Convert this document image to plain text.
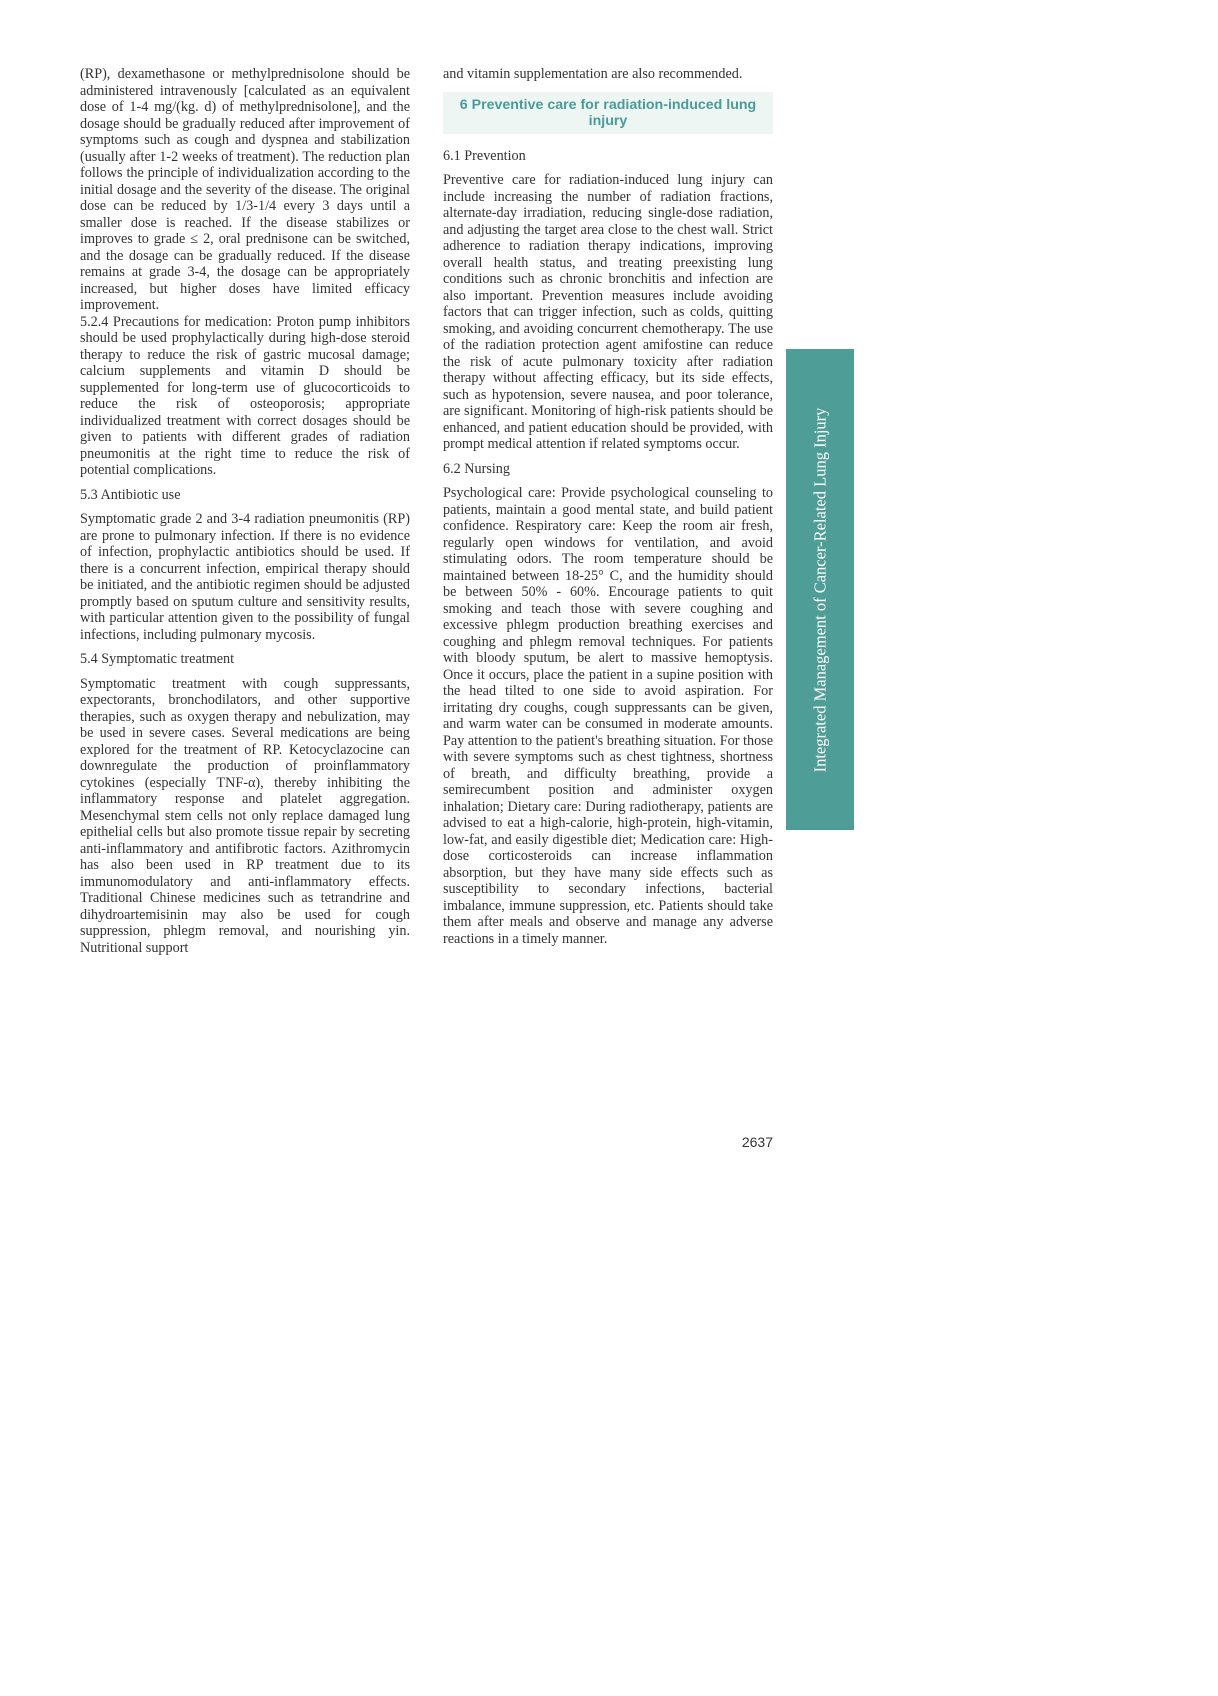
(RP), dexamethasone or methylprednisolone should be administered intravenously [calculated as an equivalent dose of 1-4 mg/(kg. d) of methylprednisolone], and the dosage should be gradually reduced after improvement of symptoms such as cough and dyspnea and stabilization (usually after 1-2 weeks of treatment). The reduction plan follows the principle of individualization according to the initial dosage and the severity of the disease. The original dose can be reduced by 1/3-1/4 every 3 days until a smaller dose is reached. If the disease stabilizes or improves to grade ≤ 2, oral prednisone can be switched, and the dosage can be gradually reduced. If the disease remains at grade 3-4, the dosage can be appropriately increased, but higher doses have limited efficacy improvement.

5.2.4 Precautions for medication: Proton pump inhibitors should be used prophylactically during high-dose steroid therapy to reduce the risk of gastric mucosal damage; calcium supplements and vitamin D should be supplemented for long-term use of glucocorticoids to reduce the risk of osteoporosis; appropriate individualized treatment with correct dosages should be given to patients with different grades of radiation pneumonitis at the right time to reduce the risk of potential complications.

5.3 Antibiotic use

Symptomatic grade 2 and 3-4 radiation pneumonitis (RP) are prone to pulmonary infection. If there is no evidence of infection, prophylactic antibiotics should be used. If there is a concurrent infection, empirical therapy should be initiated, and the antibiotic regimen should be adjusted promptly based on sputum culture and sensitivity results, with particular attention given to the possibility of fungal infections, including pulmonary mycosis.

5.4 Symptomatic treatment

Symptomatic treatment with cough suppressants, expectorants, bronchodilators, and other supportive therapies, such as oxygen therapy and nebulization, may be used in severe cases. Several medications are being explored for the treatment of RP. Ketocyclazocine can downregulate the production of proinflammatory cytokines (especially TNF-α), thereby inhibiting the inflammatory response and platelet aggregation. Mesenchymal stem cells not only replace damaged lung epithelial cells but also promote tissue repair by secreting anti-inflammatory and antifibrotic factors. Azithromycin has also been used in RP treatment due to its immunomodulatory and anti-inflammatory effects. Traditional Chinese medicines such as tetrandrine and dihydroartemisinin may also be used for cough suppression, phlegm removal, and nourishing yin. Nutritional support

and vitamin supplementation are also recommended.

6 Preventive care for radiation-induced lung injury

6.1 Prevention

Preventive care for radiation-induced lung injury can include increasing the number of radiation fractions, alternate-day irradiation, reducing single-dose radiation, and adjusting the target area close to the chest wall. Strict adherence to radiation therapy indications, improving overall health status, and treating preexisting lung conditions such as chronic bronchitis and infection are also important. Prevention measures include avoiding factors that can trigger infection, such as colds, quitting smoking, and avoiding concurrent chemotherapy. The use of the radiation protection agent amifostine can reduce the risk of acute pulmonary toxicity after radiation therapy without affecting efficacy, but its side effects, such as hypotension, severe nausea, and poor tolerance, are significant. Monitoring of high-risk patients should be enhanced, and patient education should be provided, with prompt medical attention if related symptoms occur.

6.2 Nursing

Psychological care: Provide psychological counseling to patients, maintain a good mental state, and build patient confidence. Respiratory care: Keep the room air fresh, regularly open windows for ventilation, and avoid stimulating odors. The room temperature should be maintained between 18-25° C, and the humidity should be between 50% - 60%. Encourage patients to quit smoking and teach those with severe coughing and excessive phlegm production breathing exercises and coughing and phlegm removal techniques. For patients with bloody sputum, be alert to massive hemoptysis. Once it occurs, place the patient in a supine position with the head tilted to one side to avoid aspiration. For irritating dry coughs, cough suppressants can be given, and warm water can be consumed in moderate amounts. Pay attention to the patient's breathing situation. For those with severe symptoms such as chest tightness, shortness of breath, and difficulty breathing, provide a semirecumbent position and administer oxygen inhalation; Dietary care: During radiotherapy, patients are advised to eat a high-calorie, high-protein, high-vitamin, low-fat, and easily digestible diet; Medication care: High-dose corticosteroids can increase inflammation absorption, but they have many side effects such as susceptibility to secondary infections, bacterial imbalance, immune suppression, etc. Patients should take them after meals and observe and manage any adverse reactions in a timely manner.

Integrated Management of Cancer-Related Lung Injury
2637
